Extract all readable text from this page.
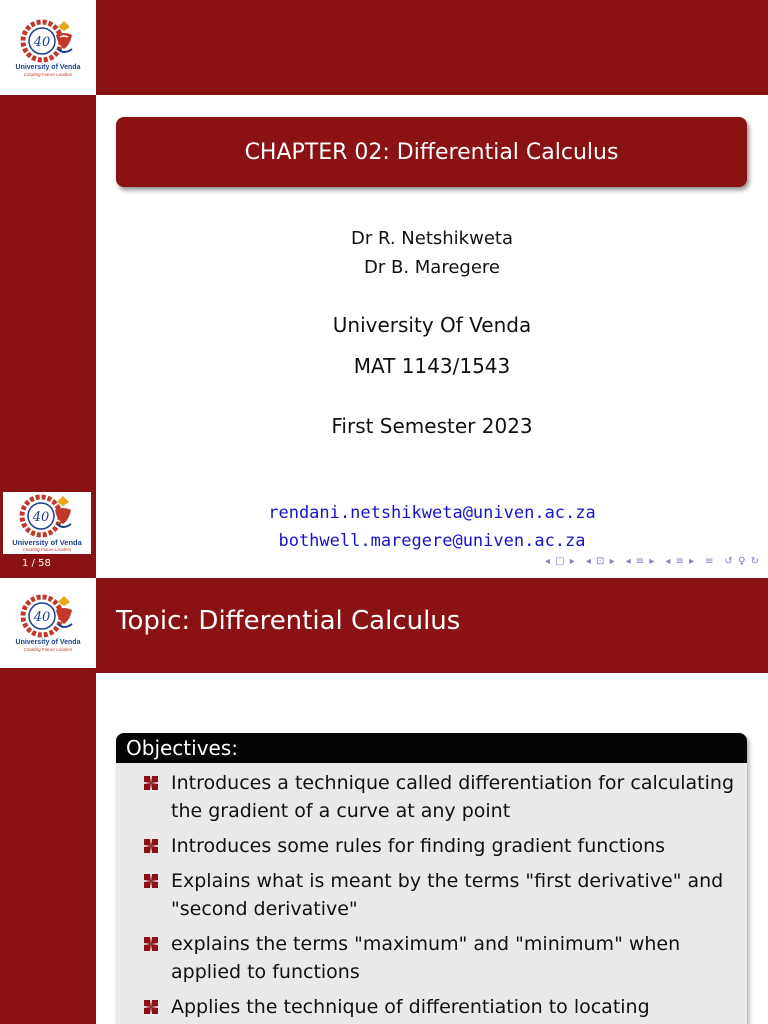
40
University of Venda
Creating Future Leaders
CHAPTER 02: Differential Calculus
Dr R. Netshikweta
Dr B. Maregere
University Of Venda
MAT 1143/1543
First Semester 2023
rendani.netshikweta@univen.ac.za
bothwell.maregere@univen.ac.za
40
University of Venda
Creating Future Leaders
1 / 58	◂ □ ▸ ◂ ⊡ ▸ ◂ ≡ ▸ ◂ ≡ ▸ ≡ ↺ ♀ ↻
Topic: Differential Calculus
40
University of Venda
Creating Future Leaders
Objectives:
Introduces a technique called differentiation for calculating the gradient of a curve at any point
Introduces some rules for finding gradient functions
Explains what is meant by the terms "first derivative" and "second derivative"
explains the terms "maximum" and "minimum" when applied to functions
Applies the technique of differentiation to locating
